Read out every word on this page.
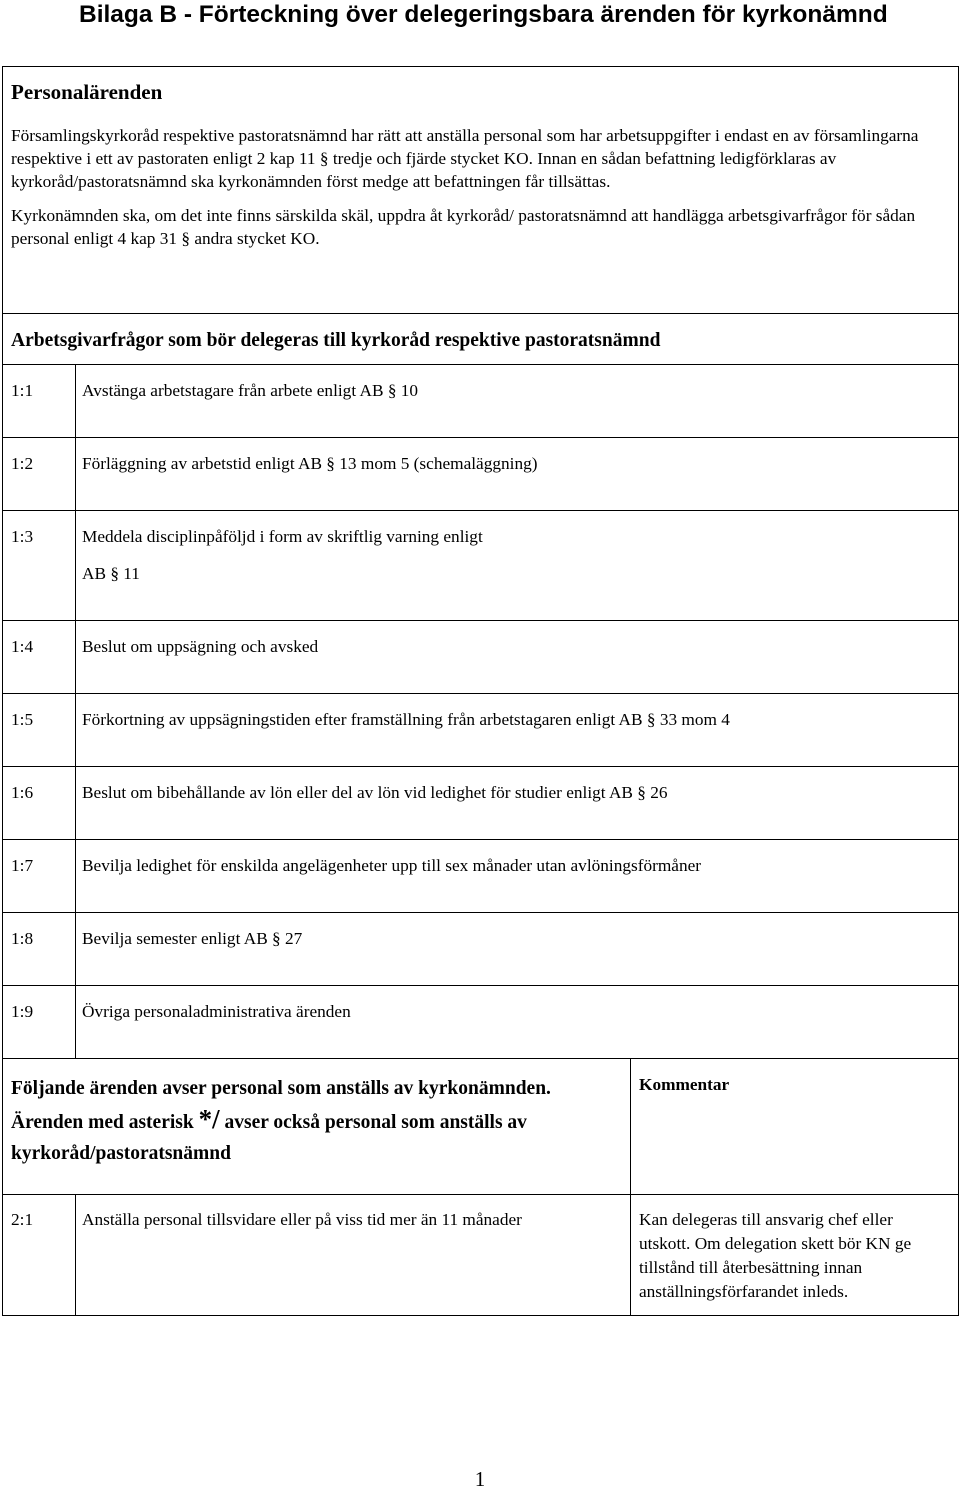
Bilaga B - Förteckning över delegeringsbara ärenden för kyrkonämnd
Personalärenden

Församlingskyrkoråd respektive pastoratsnämnd har rätt att anställa personal som har arbetsuppgifter i endast en av församlingarna respektive i ett av pastoraten enligt 2 kap 11 § tredje och fjärde stycket KO. Innan en sådan befattning ledigförklaras av kyrkoråd/pastoratsnämnd ska kyrkonämnden först medge att befattningen får tillsättas.

Kyrkonämnden ska, om det inte finns särskilda skäl, uppdra åt kyrkoråd/ pastoratsnämnd att handlägga arbetsgivarfrågor för sådan personal enligt 4 kap 31 § andra stycket KO.		

Arbetsgivarfrågor som bör delegeras till kyrkoråd respektive pastoratsnämnd		

1:1	Avstänga arbetstagare från arbete enligt AB § 10	
1:2	Förläggning av arbetstid enligt AB § 13 mom 5 (schemaläggning)	
1:3	Meddela disciplinpåföljd i form av skriftlig varning enligt
AB § 11	

1:4	Beslut om uppsägning och avsked	
1:5	Förkortning av uppsägningstiden efter framställning från arbetstagaren enligt AB § 33 mom 4	
1:6	Beslut om bibehållande av lön eller del av lön vid ledighet för studier enligt AB § 26	
1:7	Bevilja ledighet för enskilda angelägenheter upp till sex månader utan avlöningsförmåner	
1:8	Bevilja semester enligt AB § 27	
1:9	Övriga personaladministrativa ärenden	
Följande ärenden avser personal som anställs av kyrkonämnden. Ärenden med asterisk */ avser också personal som anställs av kyrkoråd/pastoratsnämnd		Kommentar
2:1	Anställa personal tillsvidare eller på viss tid mer än 11 månader	Kan delegeras till ansvarig chef eller utskott. Om delegation skett bör KN ge tillstånd till återbesättning innan anställningsförfarandet inleds.
1
